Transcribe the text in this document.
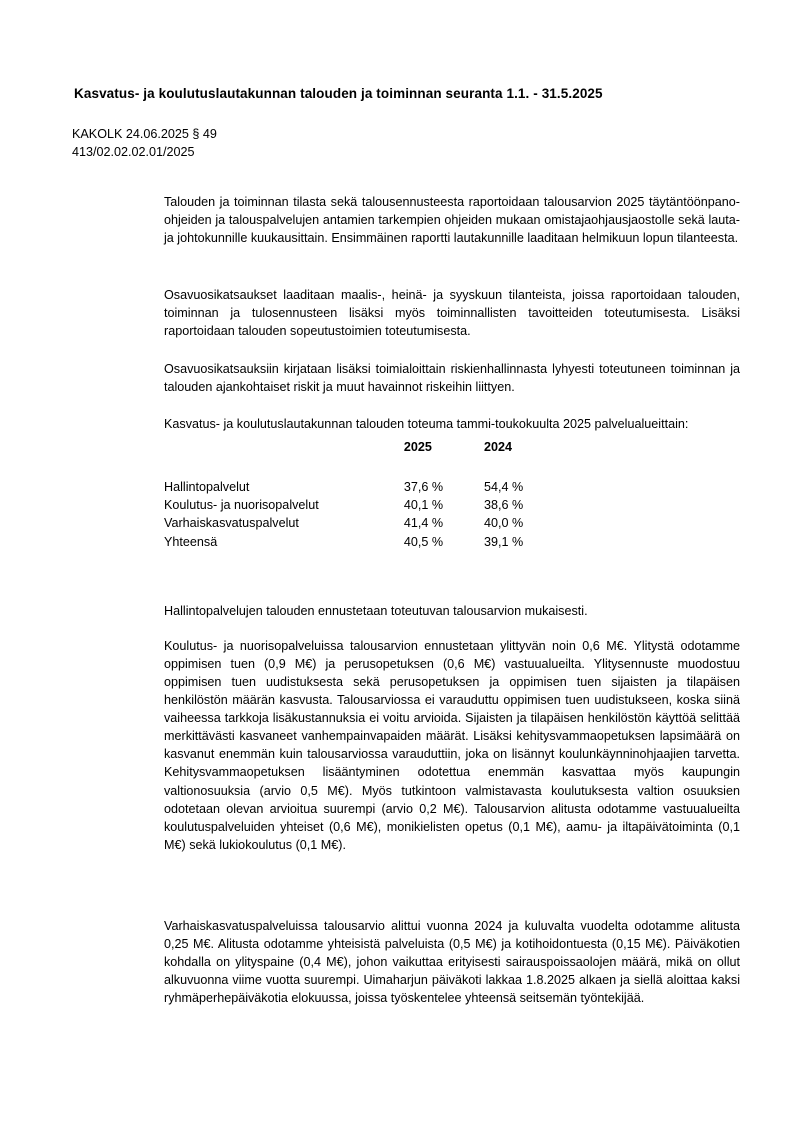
Kasvatus- ja koulutuslautakunnan talouden ja toiminnan seuranta 1.1. - 31.5.2025
KAKOLK 24.06.2025 § 49
413/02.02.02.01/2025

Talouden ja toiminnan tilasta sekä talousennusteesta raportoidaan talousarvion 2025 täytäntöönpano-ohjeiden ja talouspalvelujen antamien tarkempien ohjeiden mukaan omistajaohjausjaostolle sekä lauta- ja johtokunnille kuukausittain. Ensimmäinen raportti lautakunnille laaditaan helmikuun lopun tilanteesta.

Osavuosikatsaukset laaditaan maalis-, heinä- ja syyskuun tilanteista, joissa raportoidaan talouden, toiminnan ja tulosennusteen lisäksi myös toiminnallisten tavoitteiden toteutumisesta. Lisäksi raportoidaan talouden sopeutustoimien toteutumisesta.

Osavuosikatsauksiin kirjataan lisäksi toimialoittain riskienhallinnasta lyhyesti toteutuneen toiminnan ja talouden ajankohtaiset riskit ja muut havainnot riskeihin liittyen.

Kasvatus- ja koulutuslautakunnan talouden toteuma tammi-toukokuulta 2025 palvelualueittain:

	2025	2024
Hallintopalvelut	37,6 %	54,4 %
Koulutus- ja nuorisopalvelut	40,1 %	38,6 %
Varhaiskasvatuspalvelut	41,4 %	40,0 %
Yhteensä	40,5 %	39,1 %

Hallintopalvelujen talouden ennustetaan toteutuvan talousarvion mukaisesti.

Koulutus- ja nuorisopalveluissa talousarvion ennustetaan ylittyvän noin 0,6 M€. Ylitystä odotamme oppimisen tuen (0,9 M€) ja perusopetuksen (0,6 M€) vastuualueilta. Ylitysennuste muodostuu oppimisen tuen uudistuksesta sekä perusopetuksen ja oppimisen tuen sijaisten ja tilapäisen henkilöstön määrän kasvusta. Talousarviossa ei varauduttu oppimisen tuen uudistukseen, koska siinä vaiheessa tarkkoja lisäkustannuksia ei voitu arvioida. Sijaisten ja tilapäisen henkilöstön käyttöä selittää merkittävästi kasvaneet vanhempainvapaiden määrät. Lisäksi kehitysvammaopetuksen lapsimäärä on kasvanut enemmän kuin talousarviossa varauduttiin, joka on lisännyt koulunkäynninohjaajien tarvetta. Kehitysvammaopetuksen lisääntyminen odotettua enemmän kasvattaa myös kaupungin valtionosuuksia (arvio 0,5 M€). Myös tutkintoon valmistavasta koulutuksesta valtion osuuksien odotetaan olevan arvioitua suurempi (arvio 0,2 M€). Talousarvion alitusta odotamme vastuualueilta koulutuspalveluiden yhteiset (0,6 M€), monikielisten opetus (0,1 M€), aamu- ja iltapäivätoiminta (0,1 M€) sekä lukiokoulutus (0,1 M€).

Varhaiskasvatuspalveluissa talousarvio alittui vuonna 2024 ja kuluvalta vuodelta odotamme alitusta 0,25 M€. Alitusta odotamme yhteisistä palveluista (0,5 M€) ja kotihoidontuesta (0,15 M€). Päiväkotien kohdalla on ylityspaine (0,4 M€), johon vaikuttaa erityisesti sairauspoissaolojen määrä, mikä on ollut alkuvuonna viime vuotta suurempi. Uimaharjun päiväkoti lakkaa 1.8.2025 alkaen ja siellä aloittaa kaksi ryhmäperhepäiväkotia elokuussa, joissa työskentelee yhteensä seitsemän työntekijää.
